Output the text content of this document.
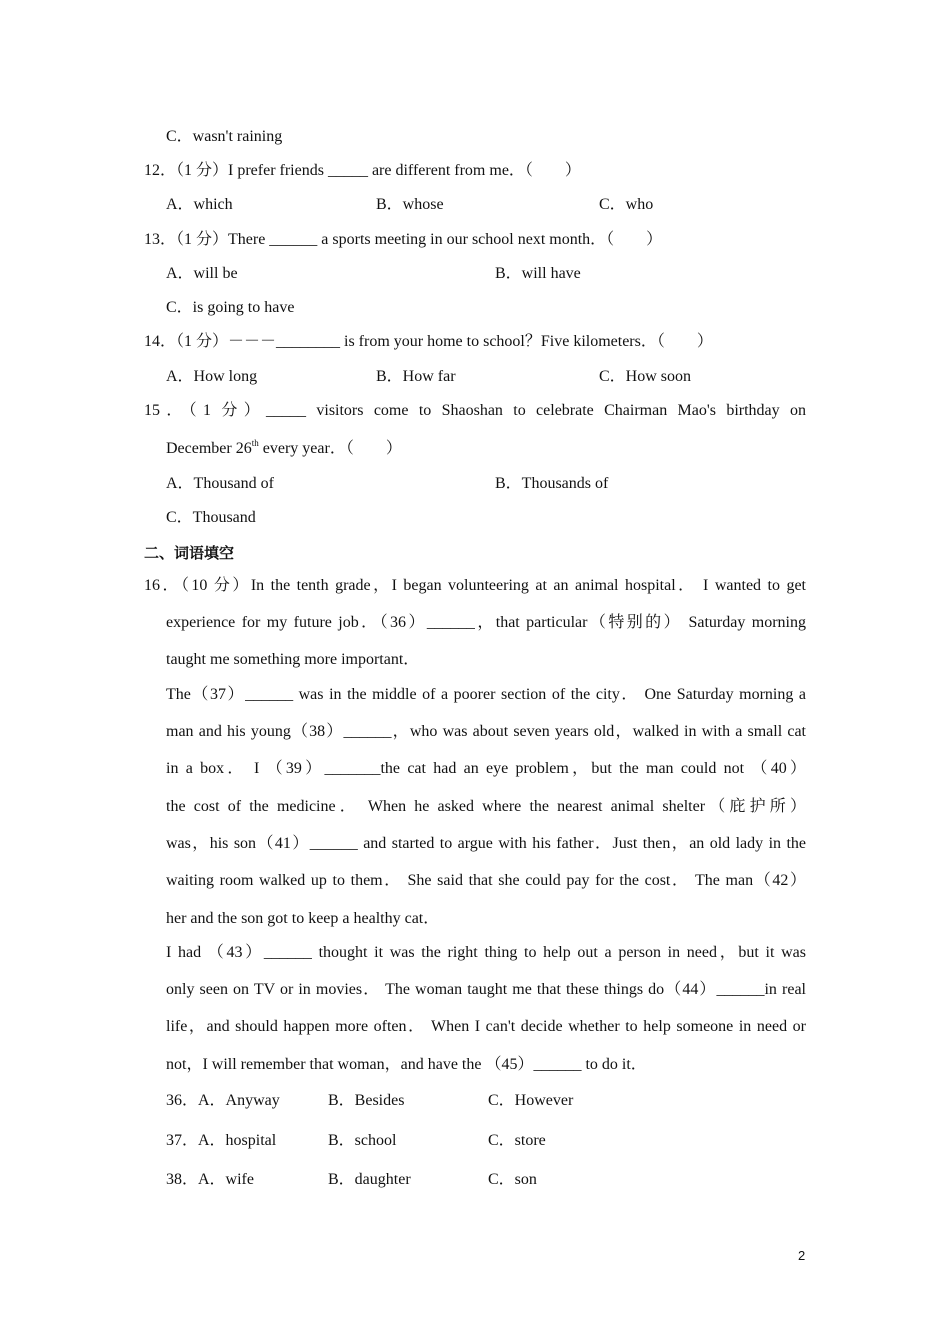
C．wasn't raining
12．（1 分）I prefer friends _____ are different from me．（　　）
A．which	B．whose	C．who
13．（1 分）There ______ a sports meeting in our school next month．（　　）
A．will be	B．will have
C．is going to have
14．（1 分）－－－________ is from your home to school？Five kilometers．（　　）
A．How long	B．How far	C．How soon
15．（1 分）_____ visitors come to Shaoshan to celebrate Chairman Mao's birthday on
December 26th every year．（　　）
A．Thousand of	B．Thousands of
C．Thousand
二、词语填空
16．（10 分）In the tenth grade，I began volunteering at an animal hospital． I wanted to get
experience for my future job．（36）______，that particular（特别的） Saturday morning
taught me something more important．
The（37）______ was in the middle of a poorer section of the city． One Saturday morning a
man and his young（38）______，who was about seven years old，walked in with a small cat
in a box． I （39）_______the cat had an eye problem，but the man could not （40）
the cost of the medicine． When he asked where the nearest animal shelter（庇护所）
was，his son（41）______ and started to argue with his father．Just then，an old lady in the
waiting room walked up to them． She said that she could pay for the cost． The man（42）
her and the son got to keep a healthy cat．
I had （43）______ thought it was the right thing to help out a person in need，but it was
only seen on TV or in movies． The woman taught me that these things do（44）______in real
life，and should happen more often． When I can't decide whether to help someone in need or
not，I will remember that woman，and have the （45）______ to do it．
36．A．Anyway	B．Besides	C．However
37．A．hospital	B．school	C．store
38．A．wife	B．daughter	C．son
2
